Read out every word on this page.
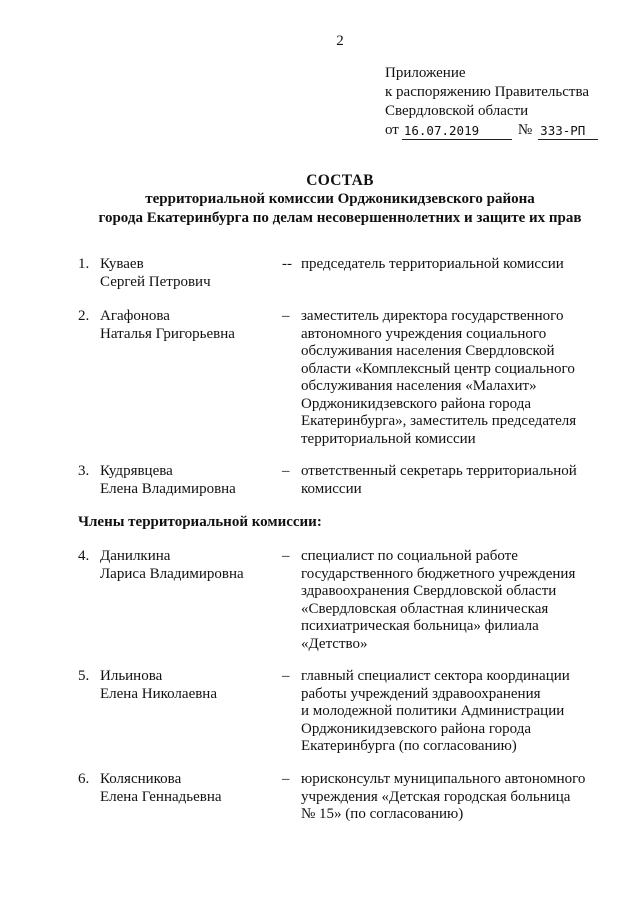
2
Приложение
к распоряжению Правительства
Свердловской области
от 16.07.2019	№ 333-РП
СОСТАВ
территориальной комиссии Орджоникидзевского района
города Екатеринбурга по делам несовершеннолетних и защите их прав
1. Куваев
Сергей Петрович
-- председатель территориальной комиссии
2. Агафонова
Наталья Григорьевна
– заместитель директора государственного
автономного учреждения социального
обслуживания населения Свердловской
области «Комплексный центр социального
обслуживания населения «Малахит»
Орджоникидзевского района города
Екатеринбурга», заместитель председателя
территориальной комиссии
3. Кудрявцева
Елена Владимировна
– ответственный секретарь территориальной
комиссии
Члены территориальной комиссии:
4. Данилкина
Лариса Владимировна
– специалист по социальной работе
государственного бюджетного учреждения
здравоохранения Свердловской области
«Свердловская областная клиническая
психиатрическая больница» филиала
«Детство»
5. Ильинова
Елена Николаевна
– главный специалист сектора координации
работы учреждений здравоохранения
и молодежной политики Администрации
Орджоникидзевского района города
Екатеринбурга (по согласованию)
6. Колясникова
Елена Геннадьевна
– юрисконсульт муниципального автономного
учреждения «Детская городская больница
№ 15» (по согласованию)
